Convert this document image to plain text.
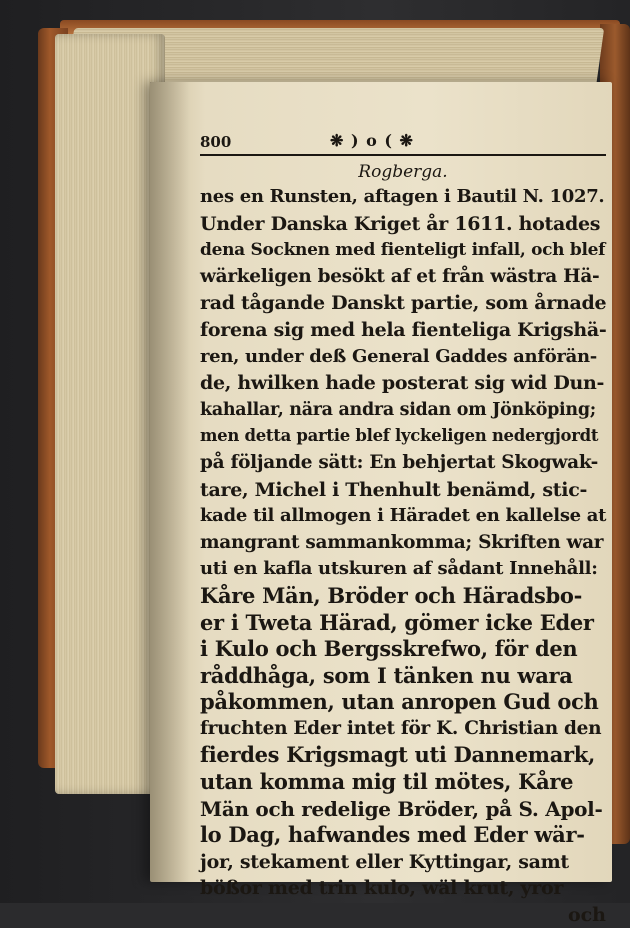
800	❋ ) o ( ❋
Rogberga.
nes en Runsten, aftagen i Bautil N. 1027.
Under Danska Kriget år 1611. hotades
dena Socknen med fienteligt infall, och blef
wärkeligen besökt af et från wästra Hä-
rad tågande Danskt partie, som årnade
forena sig med hela fienteliga Krigshä-
ren, under deß General Gaddes anförän-
de, hwilken hade posterat sig wid Dun-
kahallar, nära andra sidan om Jönköping;
men detta partie blef lyckeligen nedergjordt
på följande sätt: En behjertat Skogwak-
tare, Michel i Thenhult benämd, stic-
kade til allmogen i Häradet en kallelse at
mangrant sammankomma; Skriften war
uti en kafla utskuren af sådant Innehåll:
Kåre Män, Bröder och Häradsbo-
er i Tweta Härad, gömer icke Eder
i Kulo och Bergsskrefwo, för den
råddhåga, som I tänken nu wara
påkommen, utan anropen Gud och
fruchten Eder intet för K. Christian den
fierdes Krigsmagt uti Dannemark,
utan komma mig til mötes, Kåre
Män och redelige Bröder, på S. Apol-
lo Dag, hafwandes med Eder wär-
jor, stekament eller Kyttingar, samt
bößor med trin kulo, wäl krut, yror
och
